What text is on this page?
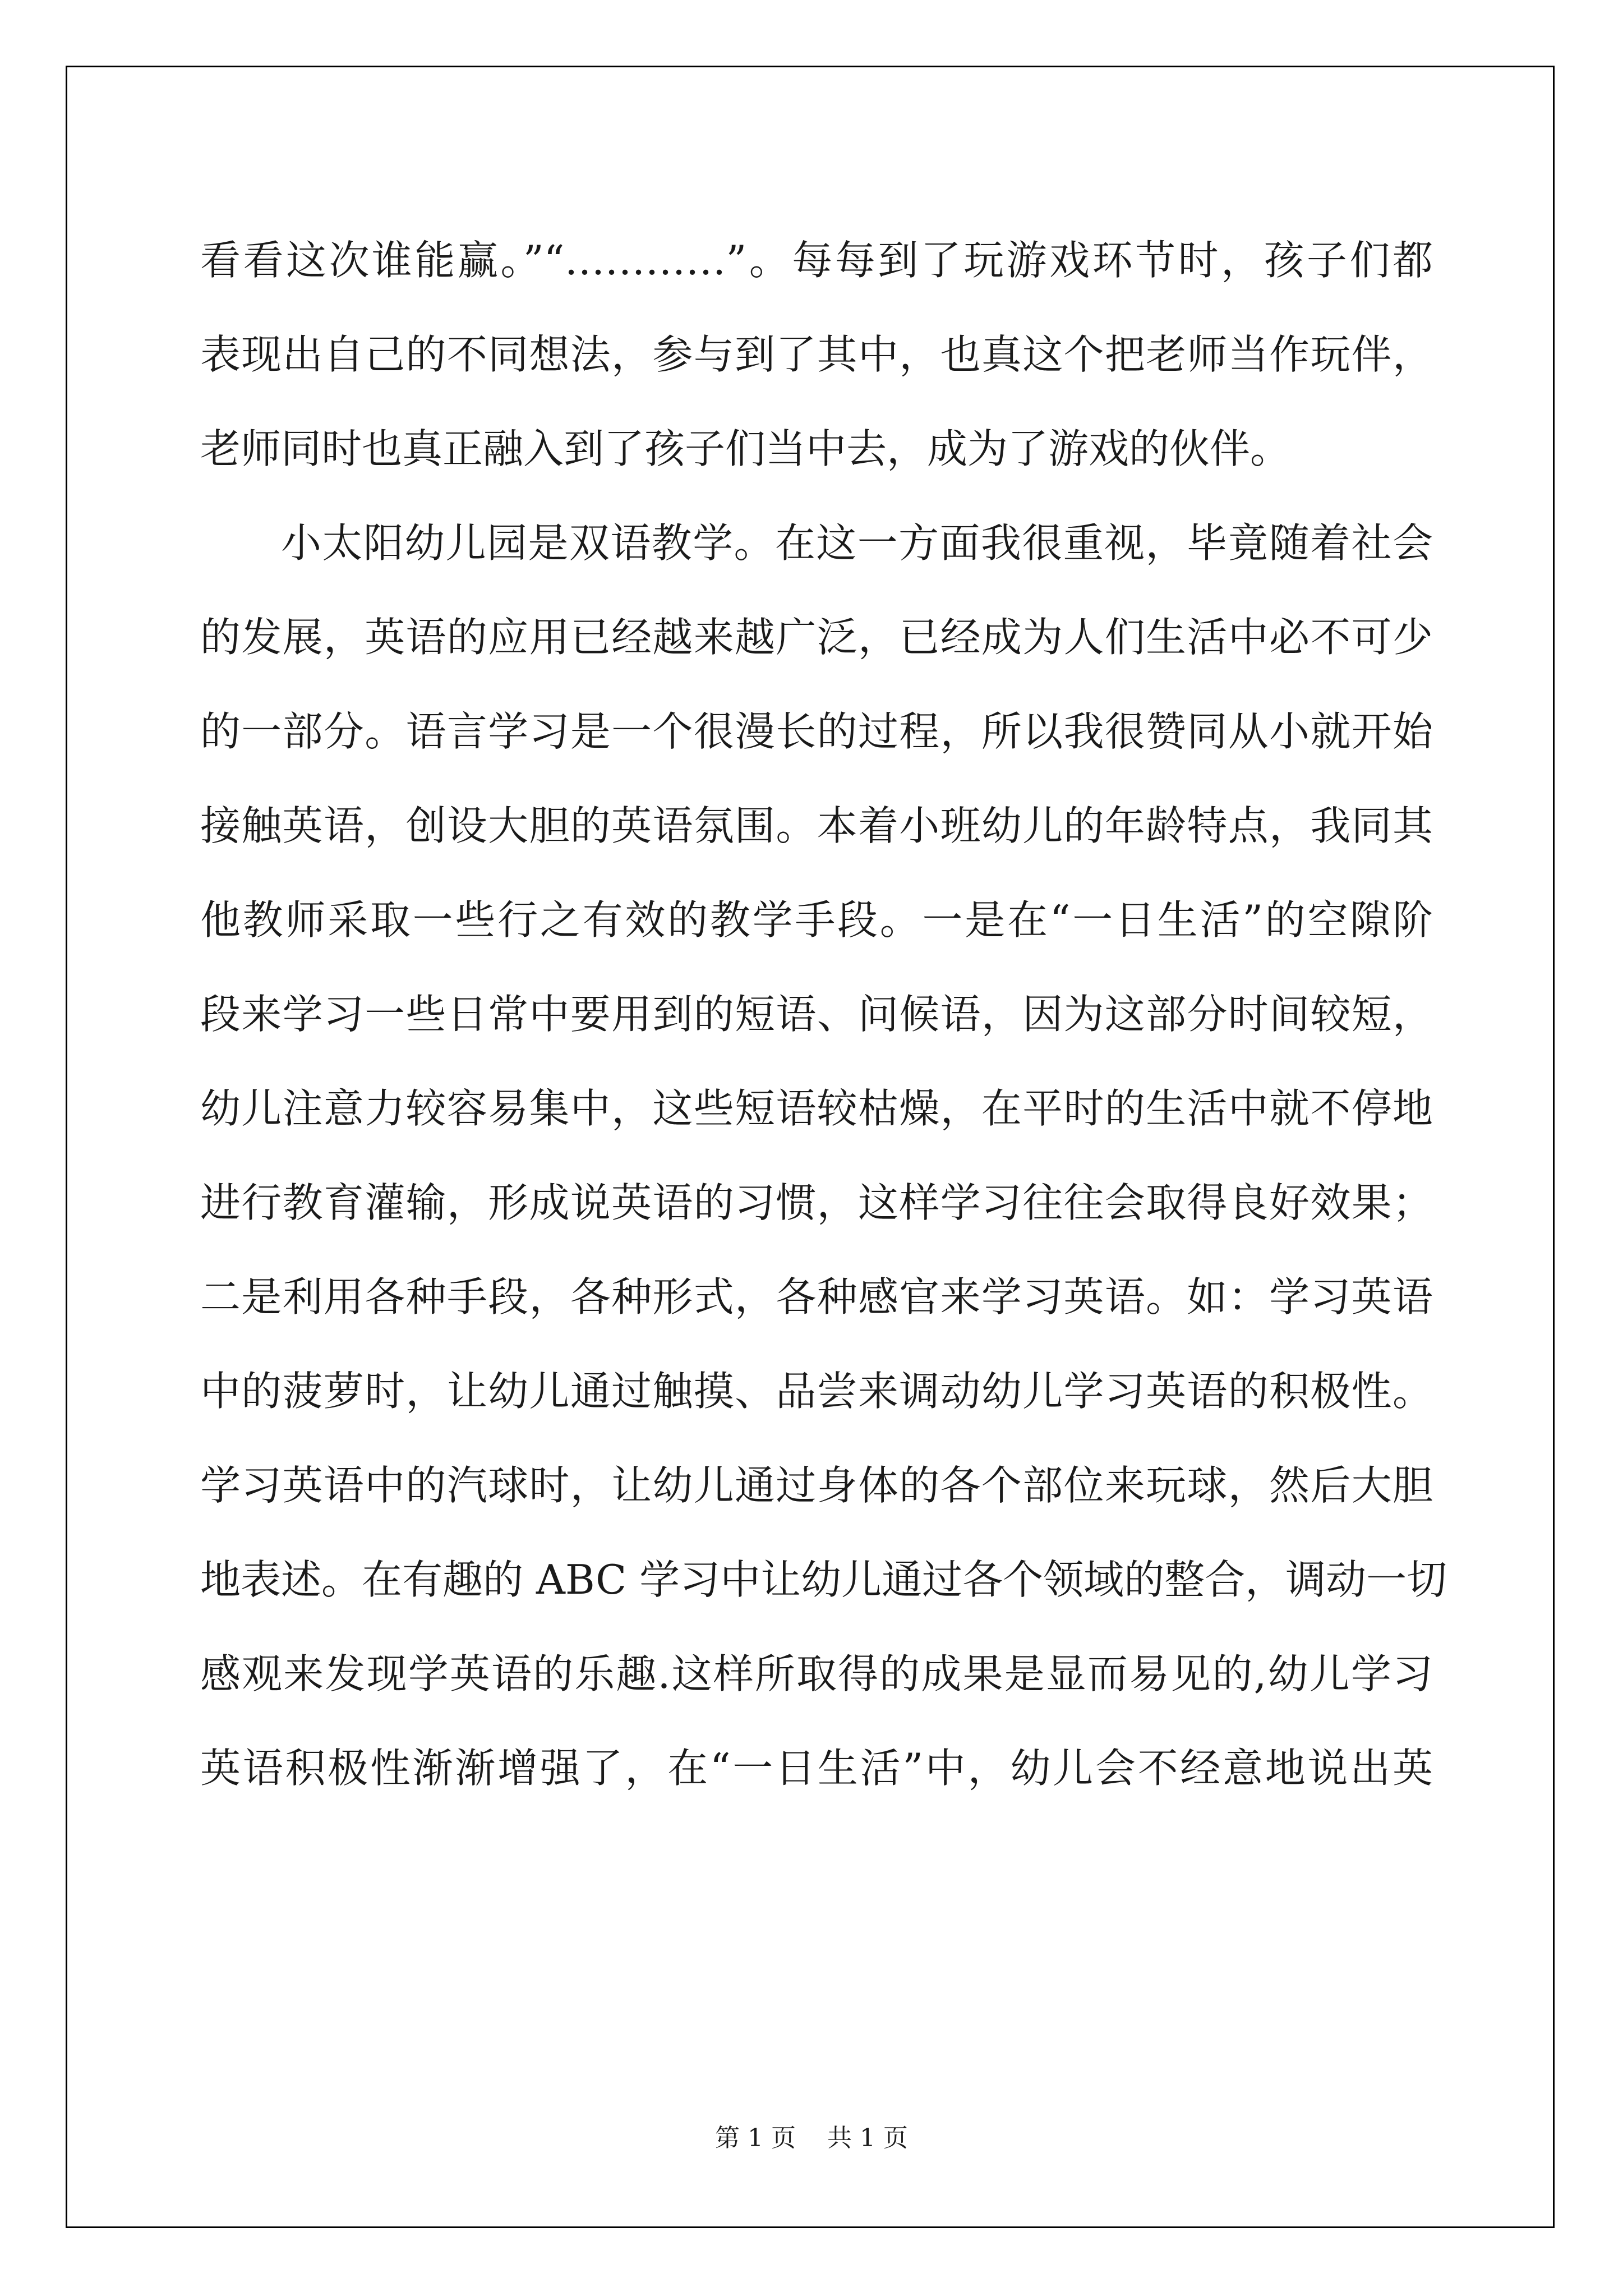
看看这次谁能赢。”“…………”。每每到了玩游戏环节时，孩子们都
表现出自己的不同想法，参与到了其中，也真这个把老师当作玩伴，
老师同时也真正融入到了孩子们当中去，成为了游戏的伙伴。
小太阳幼儿园是双语教学。在这一方面我很重视，毕竟随着社会
的发展，英语的应用已经越来越广泛，已经成为人们生活中必不可少
的一部分。语言学习是一个很漫长的过程，所以我很赞同从小就开始
接触英语，创设大胆的英语氛围。本着小班幼儿的年龄特点，我同其
他教师采取一些行之有效的教学手段。一是在“一日生活”的空隙阶
段来学习一些日常中要用到的短语、问候语，因为这部分时间较短，
幼儿注意力较容易集中，这些短语较枯燥，在平时的生活中就不停地
进行教育灌输，形成说英语的习惯，这样学习往往会取得良好效果；
二是利用各种手段，各种形式，各种感官来学习英语。如：学习英语
中的菠萝时，让幼儿通过触摸、品尝来调动幼儿学习英语的积极性。
学习英语中的汽球时，让幼儿通过身体的各个部位来玩球，然后大胆
地表述。在有趣的 ABC 学习中让幼儿通过各个领域的整合，调动一切
感观来发现学英语的乐趣.这样所取得的成果是显而易见的,幼儿学习
英语积极性渐渐增强了，在“一日生活”中，幼儿会不经意地说出英
第 1 页    共 1 页
